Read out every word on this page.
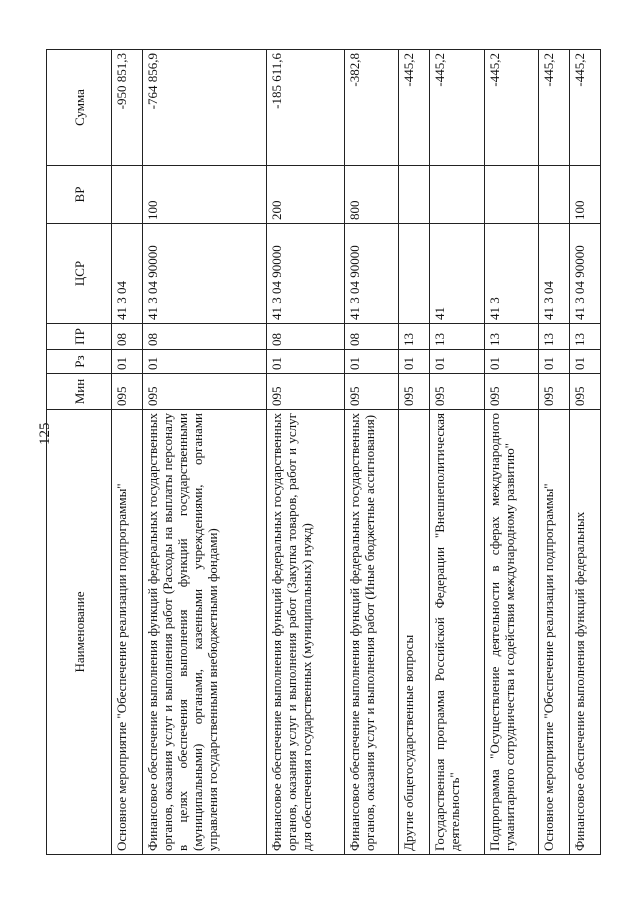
125
Наименование	Мин	Рз	ПР	ЦСР	ВР	Сумма
Основное мероприятие "Обеспечение реализации подпрограммы"	095	01	08	41 3 04		-950 851,3
Финансовое обеспечение выполнения функций федеральных государственных органов, оказания услуг и выполнения работ (Расходы на выплаты персоналу в целях обеспечения выполнения функций государственными (муниципальными) органами, казенными учреждениями, органами управления государственными внебюджетными фондами)	095	01	08	41 3 04 90000	100	-764 856,9
Финансовое обеспечение выполнения функций федеральных государственных органов, оказания услуг и выполнения работ (Закупка товаров, работ и услуг для обеспечения государственных (муниципальных) нужд)	095	01	08	41 3 04 90000	200	-185 611,6
Финансовое обеспечение выполнения функций федеральных государственных органов, оказания услуг и выполнения работ (Иные бюджетные ассигнования)	095	01	08	41 3 04 90000	800	-382,8
Другие общегосударственные вопросы	095	01	13			-445,2
Государственная программа Российской Федерации "Внешнеполитическая деятельность"	095	01	13	41		-445,2
Подпрограмма "Осуществление деятельности в сферах международного гуманитарного сотрудничества и содействия международному развитию"	095	01	13	41 3		-445,2
Основное мероприятие "Обеспечение реализации подпрограммы"	095	01	13	41 3 04		-445,2
Финансовое обеспечение выполнения функций федеральных	095	01	13	41 3 04 90000	100	-445,2
